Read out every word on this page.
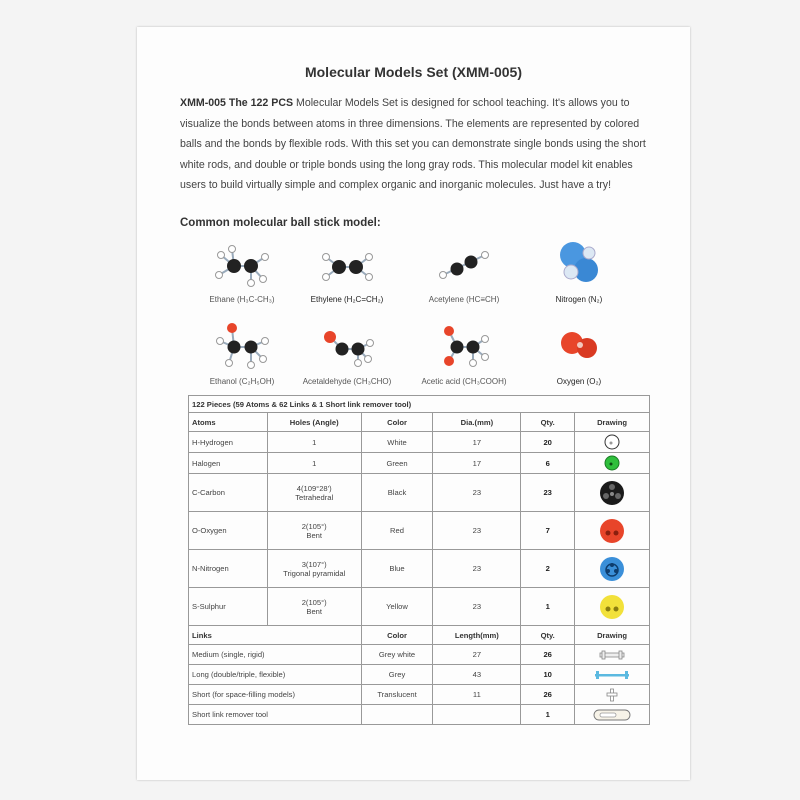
Molecular Models Set (XMM-005)
XMM-005 The 122 PCS Molecular Models Set is designed for school teaching. It's allows you to visualize the bonds between atoms in three dimensions. The elements are represented by colored balls and the bonds by flexible rods. With this set you can demonstrate single bonds using the short white rods, and double or triple bonds using the long gray rods. This molecular model kit enables users to build virtually simple and complex organic and inorganic molecules. Just have a try!
Common molecular ball stick model:
Ethane (H₃C-CH₃)	Ethylene (H₂C=CH₂)	Acetylene (HC≡CH)	Nitrogen (N₂)
Ethanol (C₂H₅OH)	Acetaldehyde (CH₃CHO)	Acetic acid (CH₃COOH)	Oxygen (O₂)
122 Pieces (59 Atoms & 62 Links & 1 Short link remover tool)					
Atoms	Holes (Angle)	Color	Dia.(mm)	Qty.	Drawing
H-Hydrogen	1	White	17	20	

Halogen	1	Green	17	6	

C-Carbon	4(109°28')
Tetrahedral	Black	23	23	

O-Oxygen	2(105°)
Bent	Red	23	7	

N-Nitrogen	3(107°)
Trigonal pyramidal	Blue	23	2	

S-Sulphur	2(105°)
Bent	Yellow	23	1	

Links		Color	Length(mm)	Qty.	Drawing
Medium (single, rigid)		Grey white	27	26	

Long (double/triple, flexible)		Grey	43	10	

Short (for space-filling models)		Translucent	11	26	

Short link remover tool				1	
